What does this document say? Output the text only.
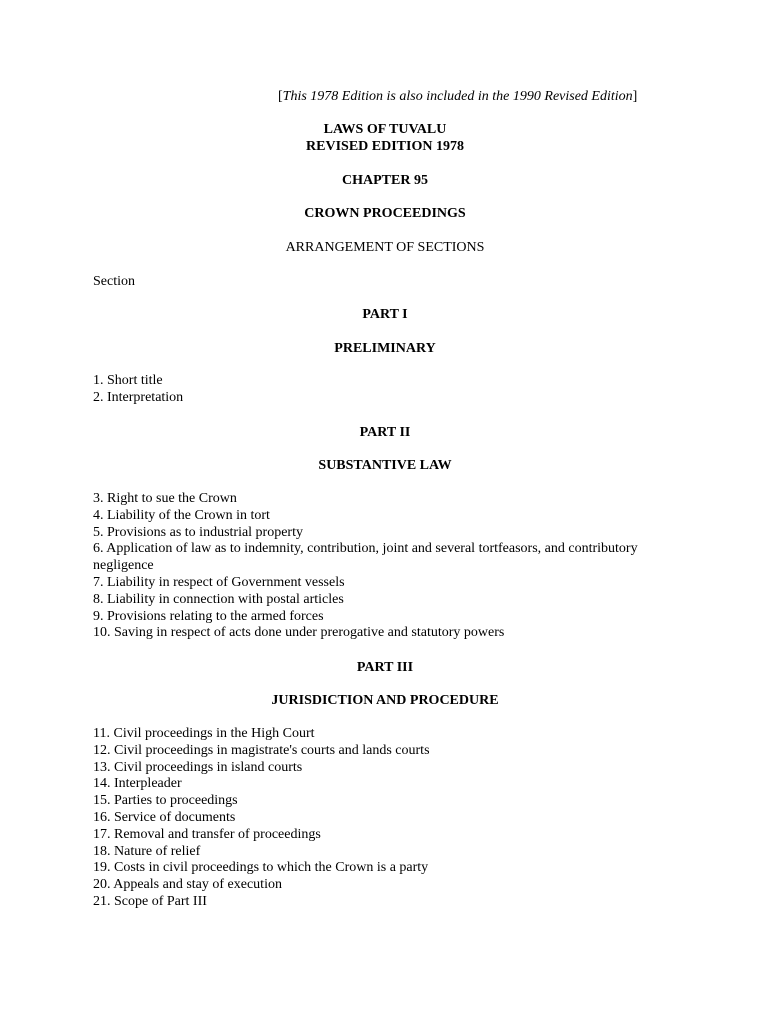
[This 1978 Edition is also included in the 1990 Revised Edition]
LAWS OF TUVALU
REVISED EDITION 1978
CHAPTER 95
CROWN PROCEEDINGS
ARRANGEMENT OF SECTIONS
Section
PART I
PRELIMINARY
1. Short title
2. Interpretation
PART II
SUBSTANTIVE LAW
3. Right to sue the Crown
4. Liability of the Crown in tort
5. Provisions as to industrial property
6. Application of law as to indemnity, contribution, joint and several tortfeasors, and contributory negligence
7. Liability in respect of Government vessels
8. Liability in connection with postal articles
9. Provisions relating to the armed forces
10. Saving in respect of acts done under prerogative and statutory powers
PART III
JURISDICTION AND PROCEDURE
11. Civil proceedings in the High Court
12. Civil proceedings in magistrate's courts and lands courts
13. Civil proceedings in island courts
14. Interpleader
15. Parties to proceedings
16. Service of documents
17. Removal and transfer of proceedings
18. Nature of relief
19. Costs in civil proceedings to which the Crown is a party
20. Appeals and stay of execution
21. Scope of Part III
